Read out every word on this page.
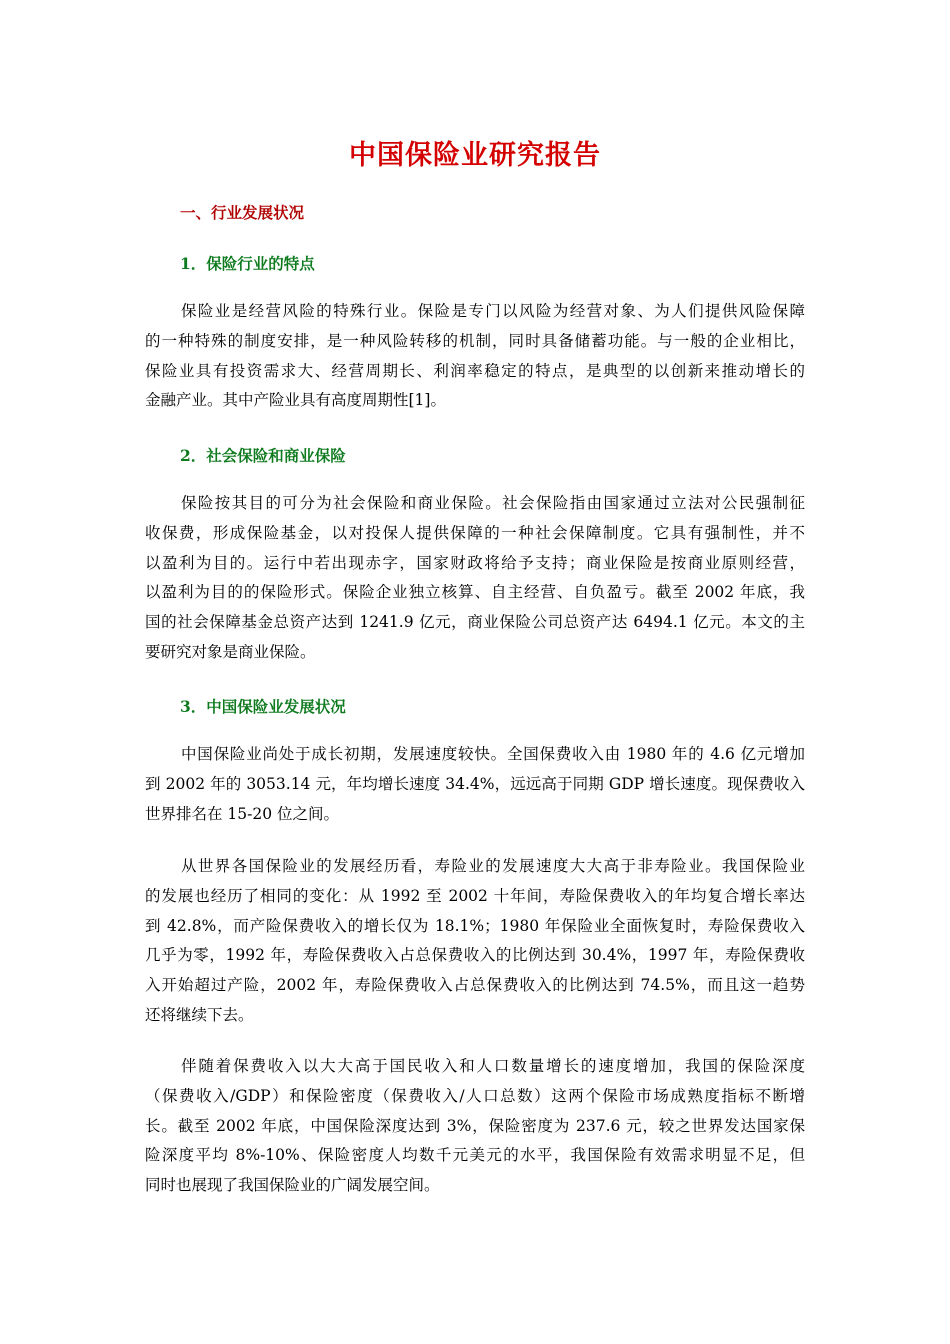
中国保险业研究报告
一、行业发展状况
1．保险行业的特点
保险业是经营风险的特殊行业。保险是专门以风险为经营对象、为人们提供风险保障
的一种特殊的制度安排，是一种风险转移的机制，同时具备储蓄功能。与一般的企业相比，
保险业具有投资需求大、经营周期长、利润率稳定的特点，是典型的以创新来推动增长的
金融产业。其中产险业具有高度周期性[1]。
2．社会保险和商业保险
保险按其目的可分为社会保险和商业保险。社会保险指由国家通过立法对公民强制征
收保费，形成保险基金，以对投保人提供保障的一种社会保障制度。它具有强制性，并不
以盈利为目的。运行中若出现赤字，国家财政将给予支持；商业保险是按商业原则经营，
以盈利为目的的保险形式。保险企业独立核算、自主经营、自负盈亏。截至 2002 年底，我
国的社会保障基金总资产达到 1241.9 亿元，商业保险公司总资产达 6494.1 亿元。本文的主
要研究对象是商业保险。
3．中国保险业发展状况
中国保险业尚处于成长初期，发展速度较快。全国保费收入由 1980 年的 4.6 亿元增加
到 2002 年的 3053.14 元，年均增长速度 34.4%，远远高于同期 GDP 增长速度。现保费收入
世界排名在 15-20 位之间。
从世界各国保险业的发展经历看，寿险业的发展速度大大高于非寿险业。我国保险业
的发展也经历了相同的变化：从 1992 至 2002 十年间，寿险保费收入的年均复合增长率达
到 42.8%，而产险保费收入的增长仅为 18.1%；1980 年保险业全面恢复时，寿险保费收入
几乎为零，1992 年，寿险保费收入占总保费收入的比例达到 30.4%，1997 年，寿险保费收
入开始超过产险，2002 年，寿险保费收入占总保费收入的比例达到 74.5%，而且这一趋势
还将继续下去。
伴随着保费收入以大大高于国民收入和人口数量增长的速度增加，我国的保险深度
（保费收入/GDP）和保险密度（保费收入/人口总数）这两个保险市场成熟度指标不断增
长。截至 2002 年底，中国保险深度达到 3%，保险密度为 237.6 元，较之世界发达国家保
险深度平均 8%-10%、保险密度人均数千元美元的水平，我国保险有效需求明显不足，但
同时也展现了我国保险业的广阔发展空间。
